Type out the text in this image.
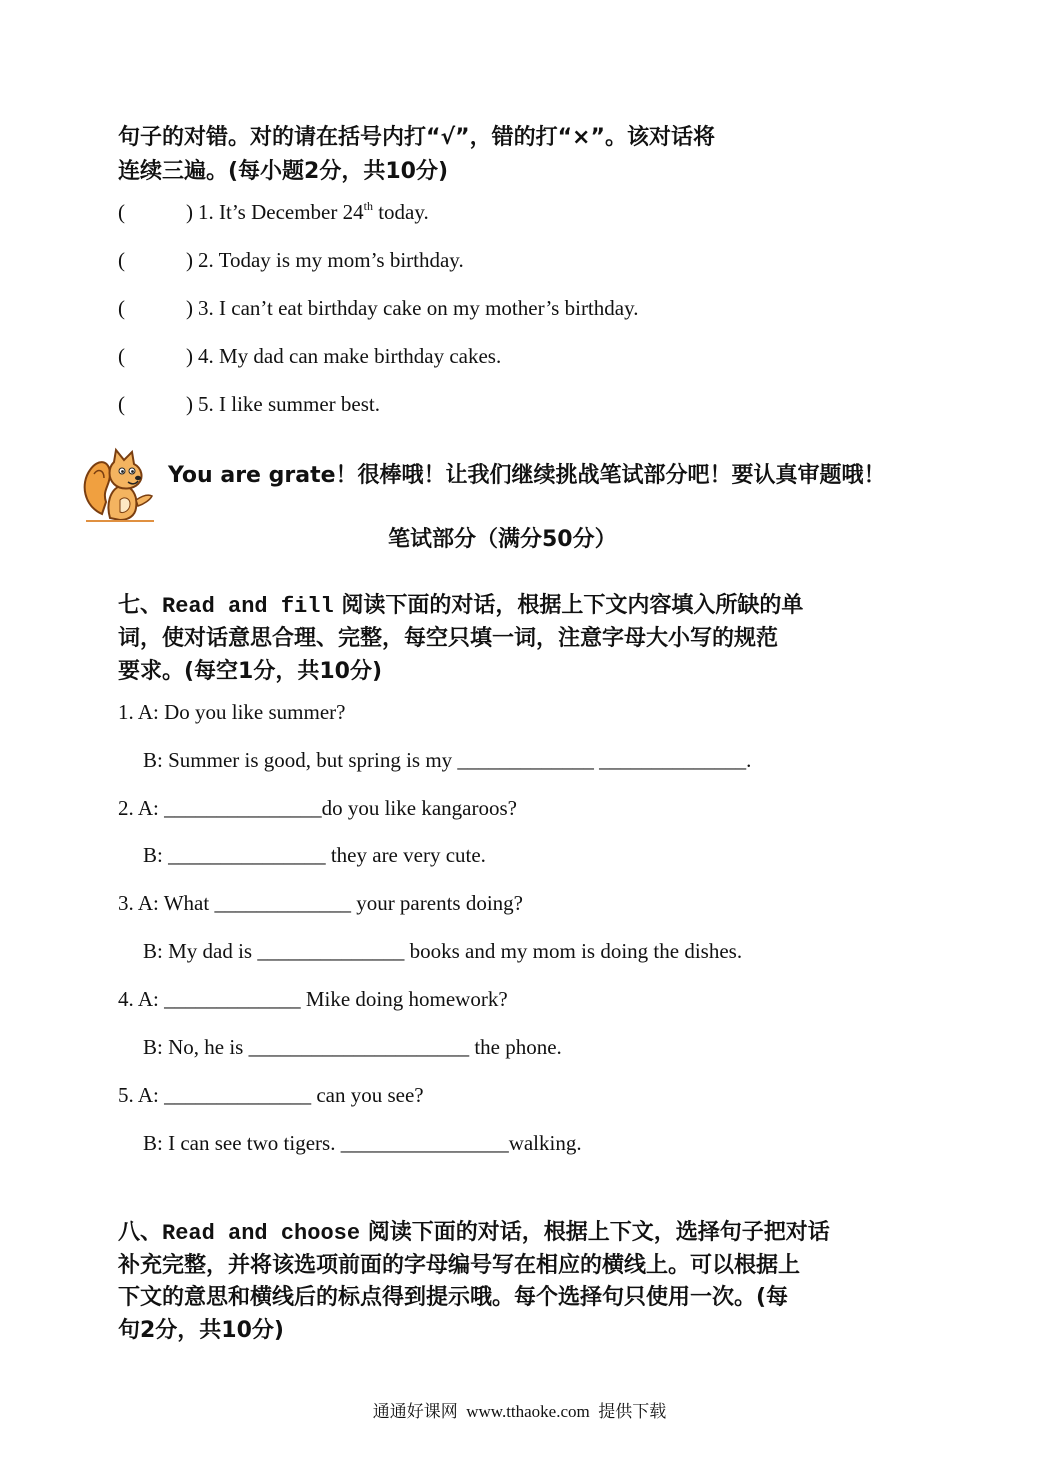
句子的对错。对的请在括号内打“√”，错的打“×”。该对话将
连续三遍。(每小题2分，共10分)
(	) 1. It’s December 24th today.
(	) 2. Today is my mom’s birthday.
(	) 3. I can’t eat birthday cake on my mother’s birthday.
(	) 4. My dad can make birthday cakes.
(	) 5. I like summer best.
You are grate！很棒哦！让我们继续挑战笔试部分吧！要认真审题哦！
笔试部分（满分50分）
七、Read and fill 阅读下面的对话，根据上下文内容填入所缺的单
词，使对话意思合理、完整，每空只填一词，注意字母大小写的规范
要求。(每空1分，共10分)
1. A: Do you like summer?
B: Summer is good, but spring is my _____________ ______________.
2. A: _______________do you like kangaroos?
B: _______________ they are very cute.
3. A: What _____________ your parents doing?
B: My dad is ______________ books and my mom is doing the dishes.
4. A: _____________ Mike doing homework?
B: No, he is _____________________ the phone.
5. A: ______________ can you see?
B: I can see two tigers. ________________walking.
八、Read and choose 阅读下面的对话，根据上下文，选择句子把对话
补充完整，并将该选项前面的字母编号写在相应的横线上。可以根据上
下文的意思和横线后的标点得到提示哦。每个选择句只使用一次。(每
句2分，共10分)
通通好课网  www.tthaoke.com  提供下载
